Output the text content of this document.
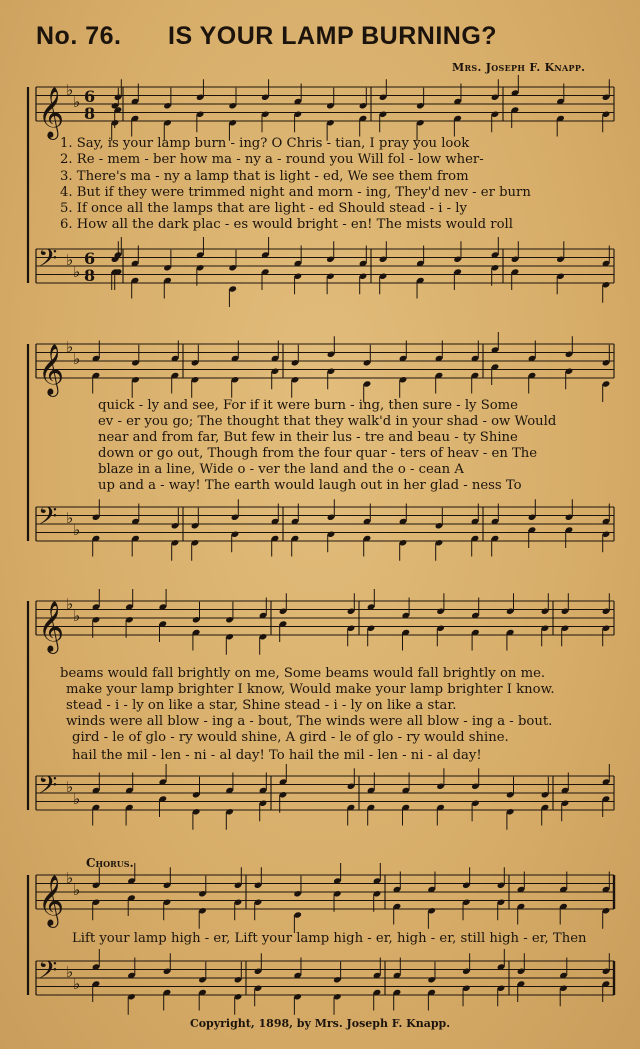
No. 76. IS YOUR LAMP BURNING?
Mrs. Joseph F. Knapp.
𝄞 ♭
♭ 6
8
𝄢 ♭
♭
6
8
𝄞 ♭
♭
𝄢 ♭
♭
𝄞 ♭
♭
𝄢 ♭
♭
𝄞 ♭
♭
𝄢 ♭
♭
1. Say, is your lamp burn - ing? O Chris - tian, I pray you look
2. Re - mem - ber how ma - ny a - round you Will fol - low wher-
3. There's ma - ny a lamp that is light - ed, We see them from
4. But if they were trimmed night and morn - ing, They'd nev - er burn
5. If once all the lamps that are light - ed Should stead - i - ly
6. How all the dark plac - es would bright - en! The mists would roll
quick - ly and see, For if it were burn - ing, then sure - ly Some
ev - er you go; The thought that they walk'd in your shad - ow Would
near and from far, But few in their lus - tre and beau - ty Shine
down or go out, Though from the four quar - ters of heav - en The
blaze in a line, Wide o - ver the land and the o - cean A
up and a - way! The earth would laugh out in her glad - ness To
beams would fall brightly on me, Some beams would fall brightly on me.
make your lamp brighter I know, Would make your lamp brighter I know.
stead - i - ly on like a star, Shine stead - i - ly on like a star.
winds were all blow - ing a - bout, The winds were all blow - ing a - bout.
gird - le of glo - ry would shine, A gird - le of glo - ry would shine.
hail the mil - len - ni - al day! To hail the mil - len - ni - al day!
Chorus.
Lift your lamp high - er, Lift your lamp high - er, high - er, still high - er, Then
Copyright, 1898, by Mrs. Joseph F. Knapp.
